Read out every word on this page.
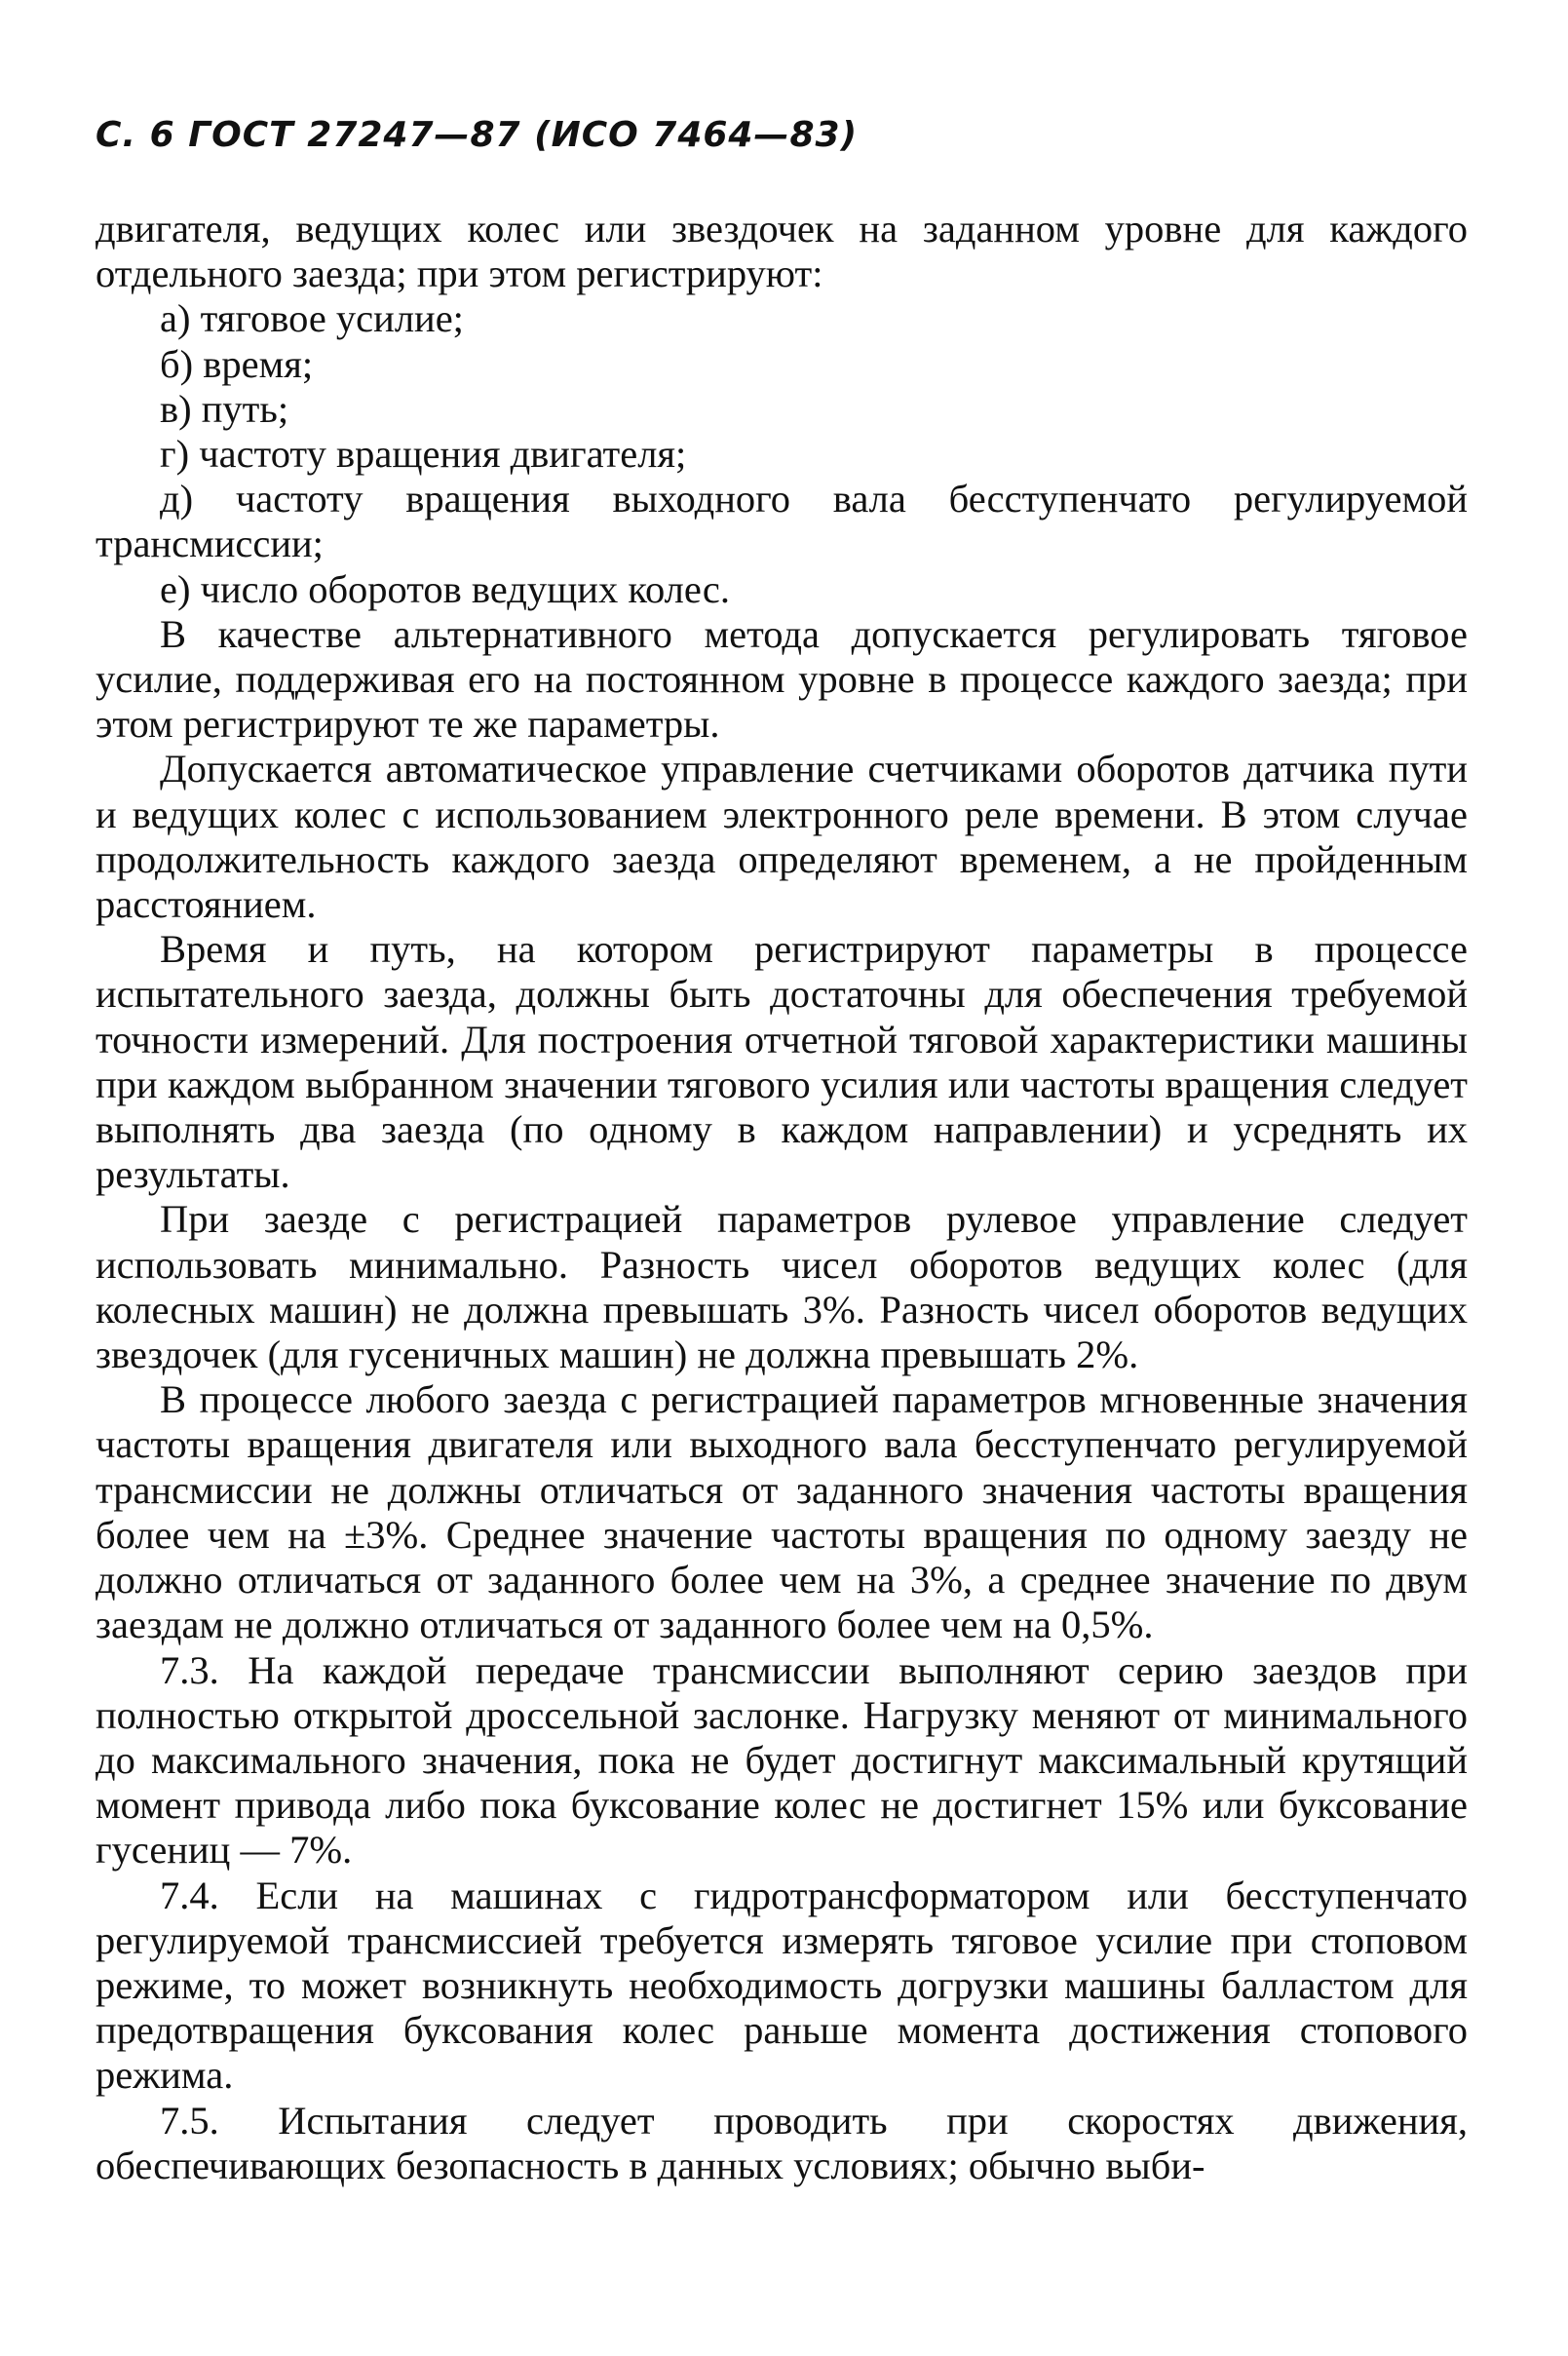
С. 6 ГОСТ 27247—87 (ИСО 7464—83)

двигателя, ведущих колес или звездочек на заданном уровне для каждого отдельного заезда; при этом регистрируют:

а) тяговое усилие;

б) время;

в) путь;

г) частоту вращения двигателя;

д) частоту вращения выходного вала бесступенчато регулируемой трансмиссии;

е) число оборотов ведущих колес.

В качестве альтернативного метода допускается регулировать тяговое усилие, поддерживая его на постоянном уровне в процессе каждого заезда; при этом регистрируют те же параметры.

Допускается автоматическое управление счетчиками оборотов датчика пути и ведущих колес с использованием электронного реле времени. В этом случае продолжительность каждого заезда определяют временем, а не пройденным расстоянием.

Время и путь, на котором регистрируют параметры в процессе испытательного заезда, должны быть достаточны для обеспечения требуемой точности измерений. Для построения отчетной тяговой характеристики машины при каждом выбранном значении тягового усилия или частоты вращения следует выполнять два заезда (по одному в каждом направлении) и усреднять их результаты.

При заезде с регистрацией параметров рулевое управление следует использовать минимально. Разность чисел оборотов ведущих колес (для колесных машин) не должна превышать 3%. Разность чисел оборотов ведущих звездочек (для гусеничных машин) не должна превышать 2%.

В процессе любого заезда с регистрацией параметров мгновенные значения частоты вращения двигателя или выходного вала бесступенчато регулируемой трансмиссии не должны отличаться от заданного значения частоты вращения более чем на ±3%. Среднее значение частоты вращения по одному заезду не должно отличаться от заданного более чем на 3%, а среднее значение по двум заездам не должно отличаться от заданного более чем на 0,5%.

7.3. На каждой передаче трансмиссии выполняют серию заездов при полностью открытой дроссельной заслонке. Нагрузку меняют от минимального до максимального значения, пока не будет достигнут максимальный крутящий момент привода либо пока буксование колес не достигнет 15% или буксование гусениц — 7%.

7.4. Если на машинах с гидротрансформатором или бесступенчато регулируемой трансмиссией требуется измерять тяговое усилие при стоповом режиме, то может возникнуть необходимость догрузки машины балластом для предотвращения буксования колес раньше момента достижения стопового режима.

7.5. Испытания следует проводить при скоростях движения, обеспечивающих безопасность в данных условиях; обычно выби-
